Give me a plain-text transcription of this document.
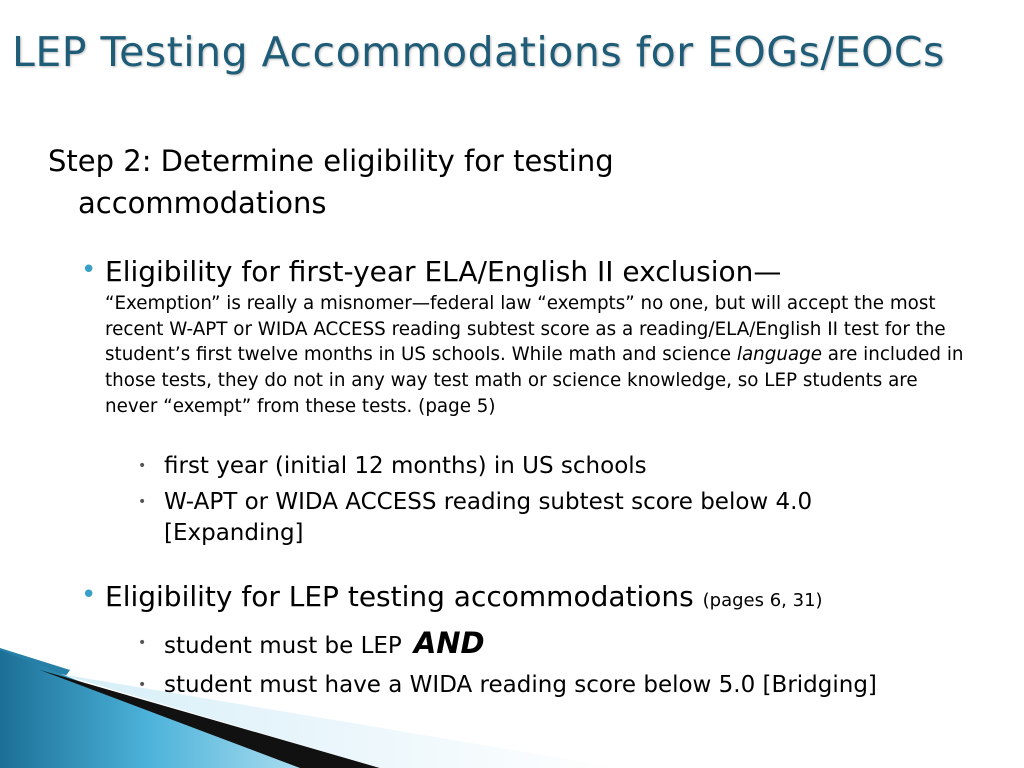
LEP Testing Accommodations for EOGs/EOCs
Step 2: Determine eligibility for testing accommodations
• Eligibility for first-year ELA/English II exclusion—
“Exemption” is really a misnomer—federal law “exempts” no one, but will accept the most recent W-APT or WIDA ACCESS reading subtest score as a reading/ELA/English II test for the student’s first twelve months in US schools. While math and science language are included in those tests, they do not in any way test math or science knowledge, so LEP students are never “exempt” from these tests. (page 5)
• first year (initial 12 months) in US schools
• W-APT or WIDA ACCESS reading subtest score below 4.0 [Expanding]
• Eligibility for LEP testing accommodations (pages 6, 31)
• student must be LEP AND
• student must have a WIDA reading score below 5.0 [Bridging]
